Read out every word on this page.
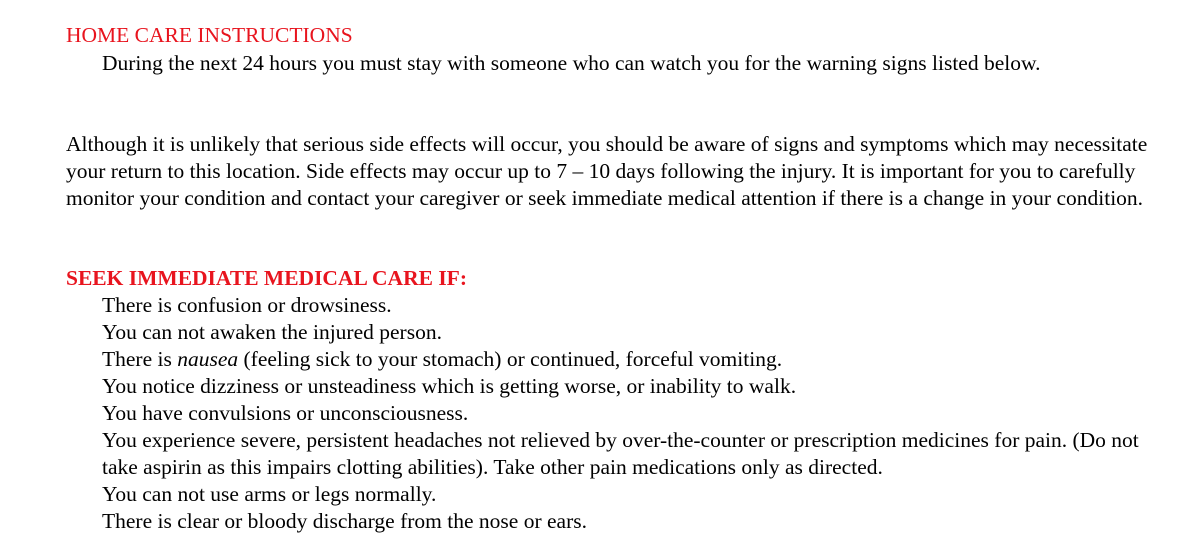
HOME CARE INSTRUCTIONS

During the next 24 hours you must stay with someone who can watch you for the warning signs listed below.

Although it is unlikely that serious side effects will occur, you should be aware of signs and symptoms which may necessitate your return to this location. Side effects may occur up to 7 – 10 days following the injury. It is important for you to carefully monitor your condition and contact your caregiver or seek immediate medical attention if there is a change in your condition.

SEEK IMMEDIATE MEDICAL CARE IF:
There is confusion or drowsiness.
You can not awaken the injured person.
There is nausea (feeling sick to your stomach) or continued, forceful vomiting.
You notice dizziness or unsteadiness which is getting worse, or inability to walk.
You have convulsions or unconsciousness.
You experience severe, persistent headaches not relieved by over-the-counter or prescription medicines for pain. (Do not take aspirin as this impairs clotting abilities). Take other pain medications only as directed.
You can not use arms or legs normally.
There is clear or bloody discharge from the nose or ears.
